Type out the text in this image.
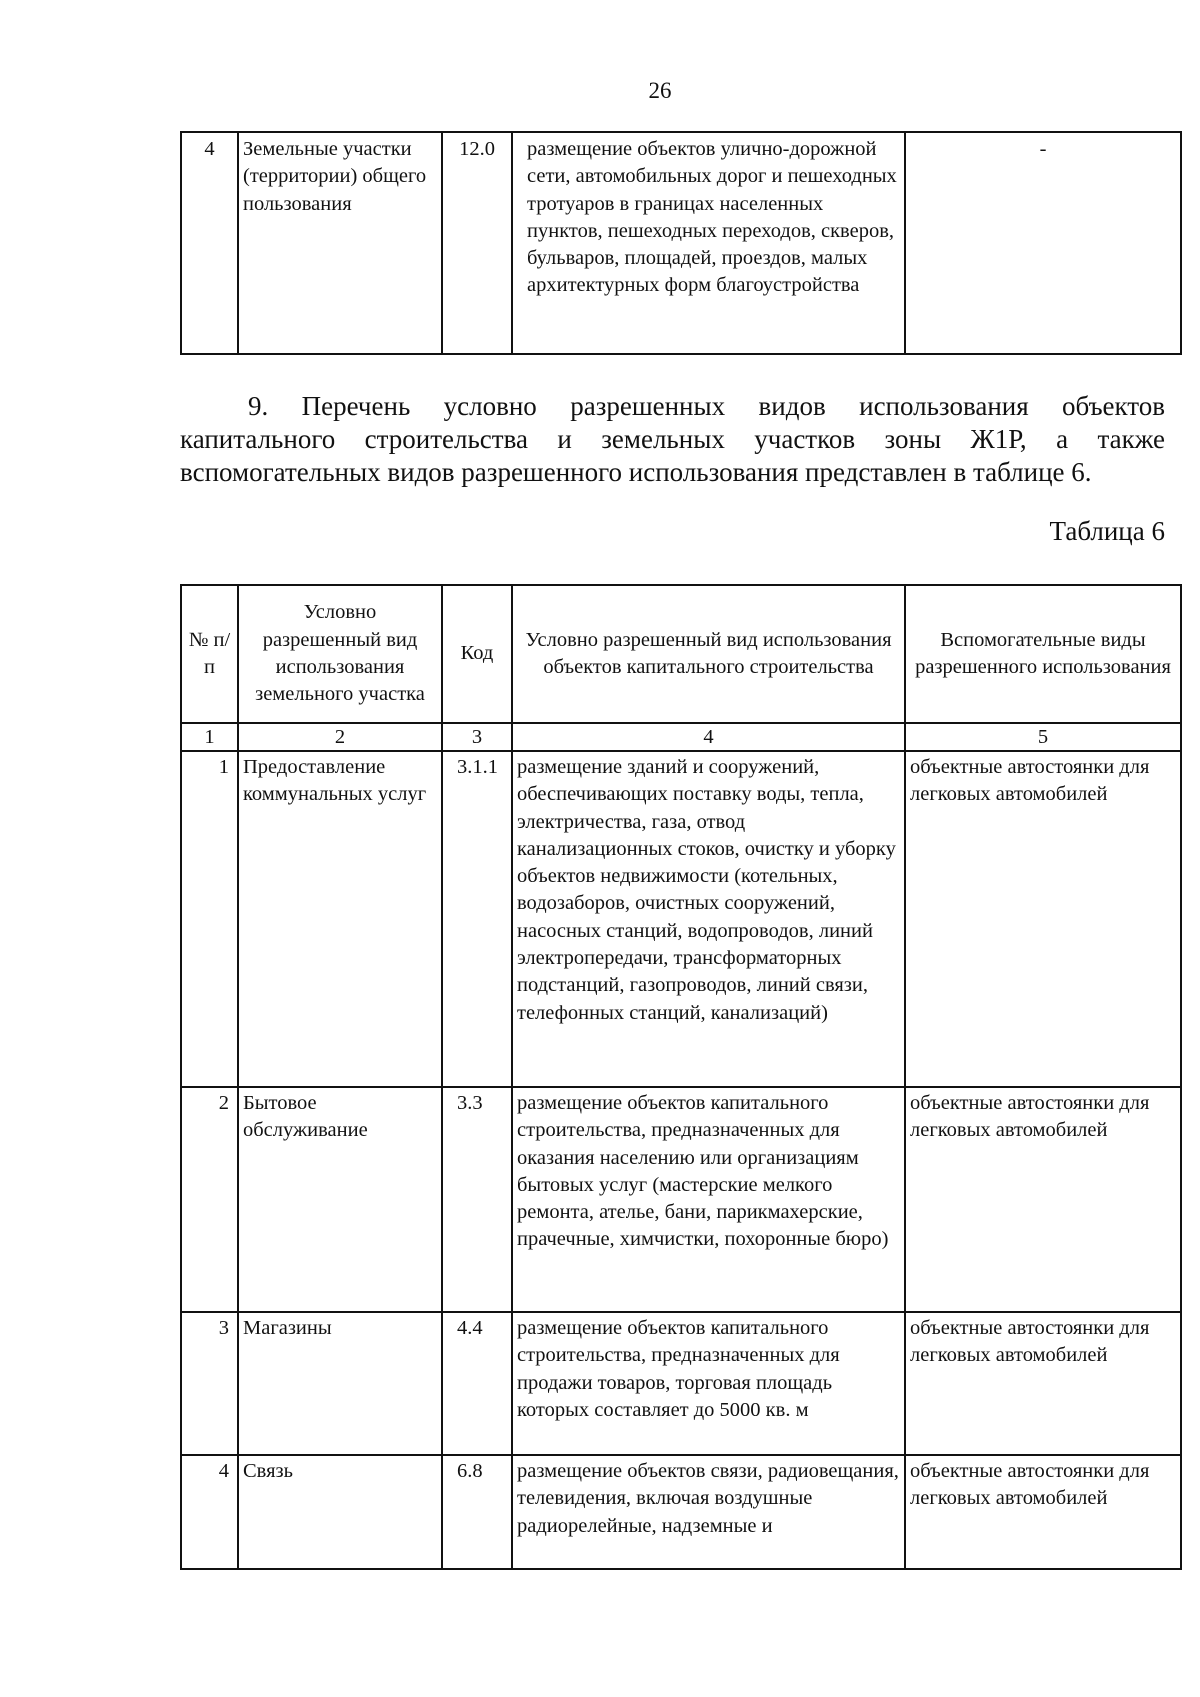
26
4	Земельные участки (территории) общего пользования	12.0	размещение объектов улично-дорожной сети, автомобильных дорог и пешеходных тротуаров в границах населенных пунктов, пешеходных переходов, скверов, бульваров, площадей, проездов, малых архитектурных форм благоустройства	-
9. Перечень условно разрешенных видов использования объектов капитального строительства и земельных участков зоны Ж1Р, а также вспомогательных видов разрешенного использования представлен в таблице 6.
Таблица 6
№ п/п	Условно разрешенный вид использования земельного участка	Код	Условно разрешенный вид использования объектов капитального строительства	Вспомогательные виды разрешенного использования
1	2	3	4	5
1	Предоставление коммунальных услуг	3.1.1	размещение зданий и сооружений, обеспечивающих поставку воды, тепла, электричества, газа, отвод канализационных стоков, очистку и уборку объектов недвижимости (котельных, водозаборов, очистных сооружений, насосных станций, водопроводов, линий электропередачи, трансформаторных подстанций, газопроводов, линий связи, телефонных станций, канализаций)	объектные автостоянки для легковых автомобилей
2	Бытовое обслуживание	3.3	размещение объектов капитального строительства, предназначенных для оказания населению или организациям бытовых услуг (мастерские мелкого ремонта, ателье, бани, парикмахерские, прачечные, химчистки, похоронные бюро)	объектные автостоянки для легковых автомобилей
3	Магазины	4.4	размещение объектов капитального строительства, предназначенных для продажи товаров, торговая площадь которых составляет до 5000 кв. м	объектные автостоянки для легковых автомобилей
4	Связь	6.8	размещение объектов связи, радиовещания, телевидения, включая воздушные радиорелейные, надземные и	объектные автостоянки для легковых автомобилей
